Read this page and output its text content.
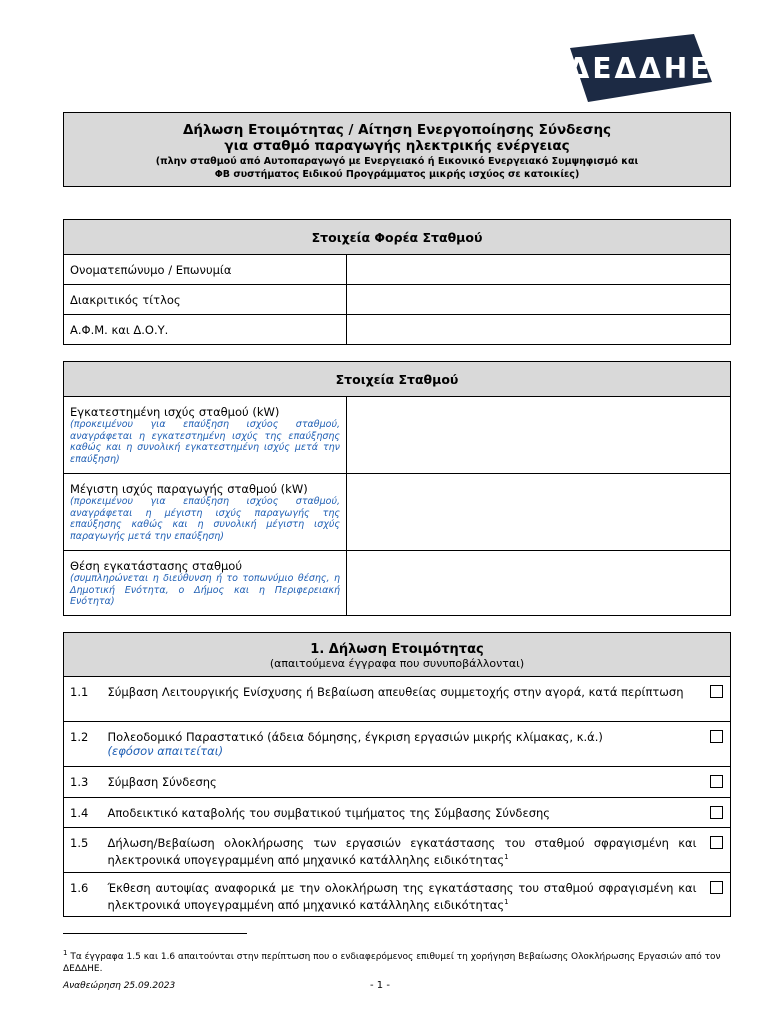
ΔΕΔΔΗΕ
Δήλωση Ετοιμότητας / Αίτηση Ενεργοποίησης Σύνδεσης
για σταθμό παραγωγής ηλεκτρικής ενέργειας
(πλην σταθμού από Αυτοπαραγωγό με Ενεργειακό ή Εικονικό Ενεργειακό Συμψηφισμό και
ΦΒ συστήματος Ειδικού Προγράμματος μικρής ισχύος σε κατοικίες)
Στοιχεία Φορέα Σταθμού	
Ονοματεπώνυμο / Επωνυμία	
Διακριτικός τίτλος	
Α.Φ.Μ. και Δ.Ο.Υ.	
Στοιχεία Σταθμού	

Εγκατεστημένη ισχύς σταθμού (kW)
(προκειμένου για επαύξηση ισχύος σταθμού, αναγράφεται η εγκατεστημένη ισχύς της επαύξησης καθώς και η συνολική εγκατεστημένη ισχύς μετά την επαύξηση)	

Μέγιστη ισχύς παραγωγής σταθμού (kW)
(προκειμένου για επαύξηση ισχύος σταθμού, αναγράφεται η μέγιστη ισχύς παραγωγής της επαύξησης καθώς και η συνολική μέγιστη ισχύς παραγωγής μετά την επαύξηση)	

Θέση εγκατάστασης σταθμού
(συμπληρώνεται η διεύθυνση ή το τοπωνύμιο θέσης, η Δημοτική Ενότητα, ο Δήμος και η Περιφερειακή Ενότητα)	

1. Δήλωση Ετοιμότητας
(απαιτούμενα έγγραφα που συνυποβάλλονται)		

1.1	Σύμβαση Λειτουργικής Ενίσχυσης ή Βεβαίωση απευθείας συμμετοχής στην αγορά, κατά περίπτωση	
1.2	Πολεοδομικό Παραστατικό (άδεια δόμησης, έγκριση εργασιών μικρής κλίμακας, κ.ά.)
(εφόσον απαιτείται)	
1.3	Σύμβαση Σύνδεσης	
1.4	Αποδεικτικό καταβολής του συμβατικού τιμήματος της Σύμβασης Σύνδεσης	
1.5	Δήλωση/Βεβαίωση ολοκλήρωσης των εργασιών εγκατάστασης του σταθμού σφραγισμένη και ηλεκτρονικά υπογεγραμμένη από μηχανικό κατάλληλης ειδικότητας$^1$	
1.6	Έκθεση αυτοψίας αναφορικά με την ολοκλήρωση της εγκατάστασης του σταθμού σφραγισμένη και ηλεκτρονικά υπογεγραμμένη από μηχανικό κατάλληλης ειδικότητας$^1$	
$^1$ Τα έγγραφα 1.5 και 1.6 απαιτούνται στην περίπτωση που ο ενδιαφερόμενος επιθυμεί τη χορήγηση Βεβαίωσης Ολοκλήρωσης Εργασιών από τον ΔΕΔΔΗΕ.
Αναθεώρηση 25.09.2023	- 1 -
